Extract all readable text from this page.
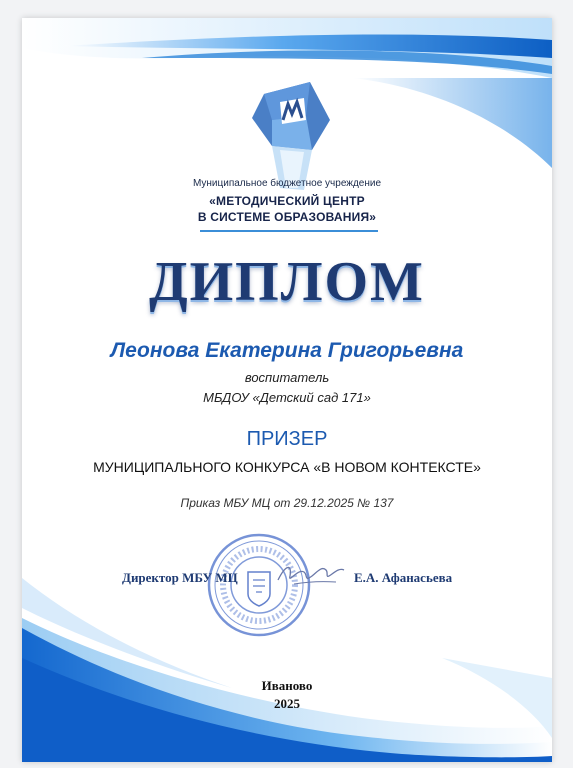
Муниципальное бюджетное учреждение
«МЕТОДИЧЕСКИЙ ЦЕНТР
В СИСТЕМЕ ОБРАЗОВАНИЯ»
ДИПЛОМ
Леонова Екатерина Григорьевна
воспитатель
МБДОУ «Детский сад 171»
ПРИЗЕР
МУНИЦИПАЛЬНОГО КОНКУРСА «В НОВОМ КОНТЕКСТЕ»
Приказ МБУ МЦ от 29.12.2025 № 137
Директор МБУ МЦ	Е.А. Афанасьева
Иваново
2025
